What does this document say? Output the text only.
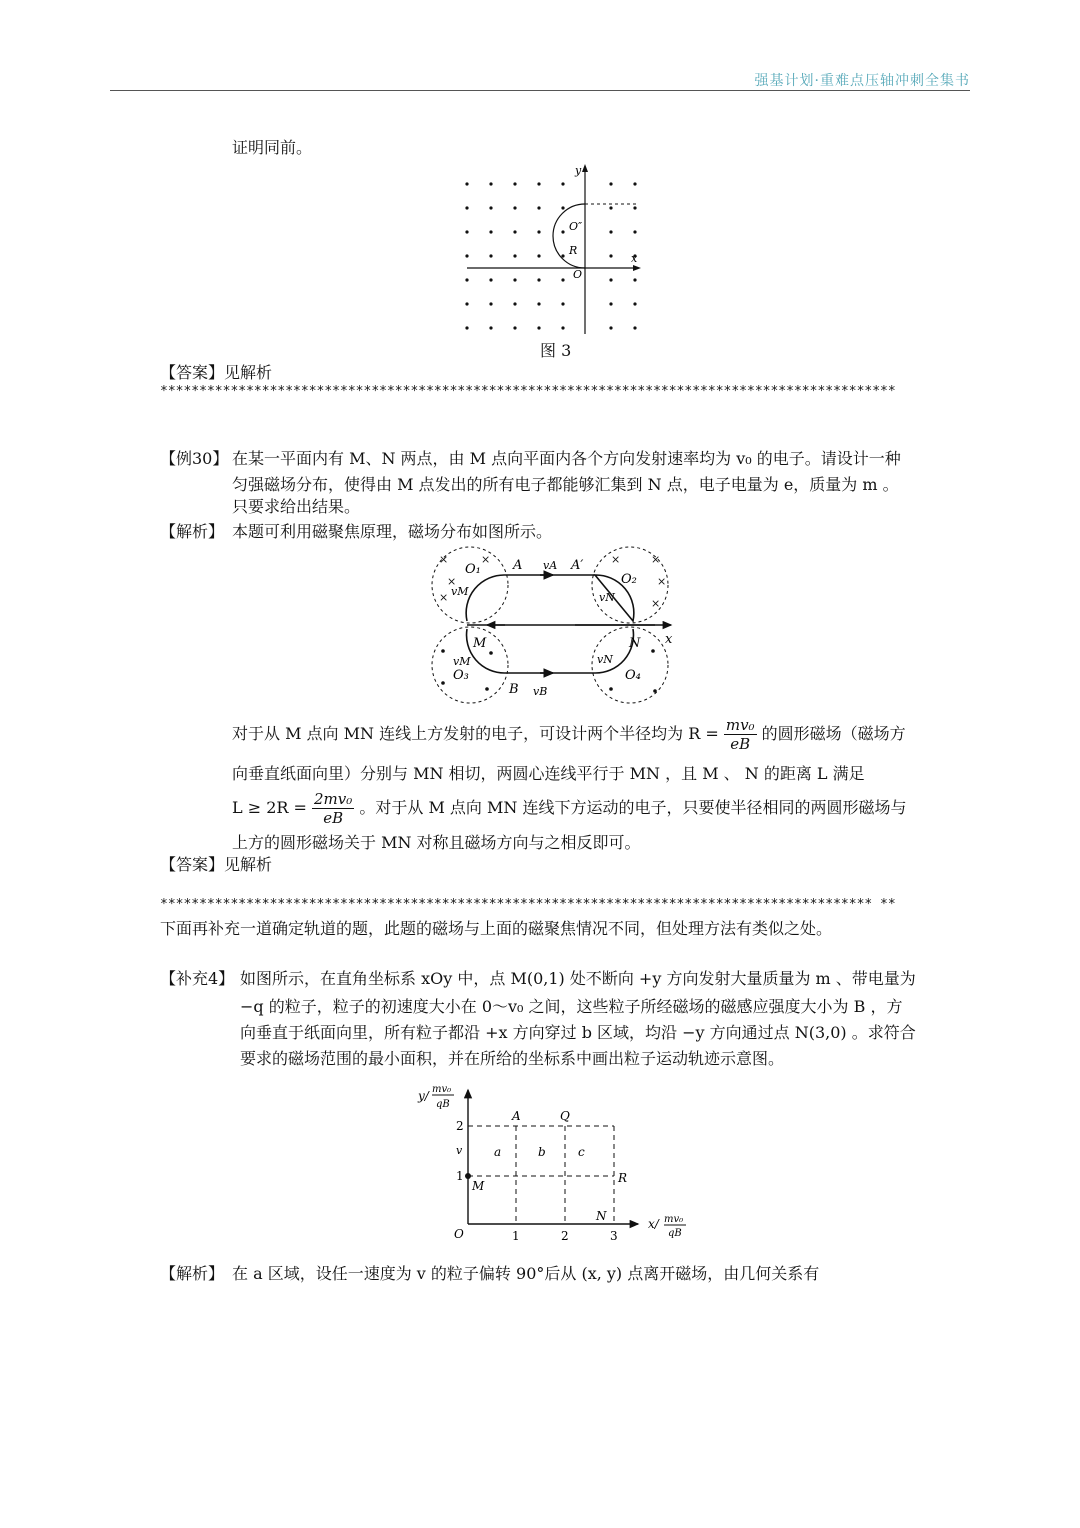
强基计划·重难点压轴冲刺全集书
证明同前。
y
x
O
O″
R
图 3
【答案】见解析
**********************************************************************************************
【例30】 在某一平面内有 M、N 两点，由 M 点向平面内各个方向发射速率均为 v₀ 的电子。请设计一种
匀强磁场分布，使得由 M 点发出的所有电子都能够汇集到 N 点，电子电量为 e，质量为 m 。
只要求给出结果。
【解析】 本题可利用磁聚焦原理，磁场分布如图所示。
×	×
×
×
×	×
×
×
O₁
O₂
O₃	O₄
A	A′
B
M	N x
vA
vB
vM	vN
vM	vN
对于从 M 点向 MN 连线上方发射的电子，可设计两个半径均为 $R = \frac{\text{mv₀}}{eB}$ 的圆形磁场（磁场方
向垂直纸面向里）分别与 MN 相切，两圆心连线平行于 MN ，且 M 、 N 的距离 L 满足
$L \ge 2R = \frac{\text{2mv₀}}{eB}$ 。对于从 M 点向 MN 连线下方运动的电子，只要使半径相同的两圆形磁场与
上方的圆形磁场关于 MN 对称且磁场方向与之相反即可。
【答案】见解析
******************************************************************************************* **
下面再补充一道确定轨道的题，此题的磁场与上面的磁聚焦情况不同，但处理方法有类似之处。
【补充4】 如图所示，在直角坐标系 xOy 中，点 M(0,1) 处不断向 +y 方向发射大量质量为 m 、带电量为
−q 的粒子，粒子的初速度大小在 0～v₀ 之间，这些粒子所经磁场的磁感应强度大小为 B ，方
向垂直于纸面向里，所有粒子都沿 +x 方向穿过 b 区域，均沿 −y 方向通过点 N(3,0) 。求符合
要求的磁场范围的最小面积，并在所给的坐标系中画出粒子运动轨迹示意图。
y/ mv₀
qB
x/ mv₀
qB
A	Q
R
M
N
O
v	a	b	c
1	2	3
1
2
【解析】 在 a 区域，设任一速度为 v 的粒子偏转 90°后从 (x, y) 点离开磁场，由几何关系有
